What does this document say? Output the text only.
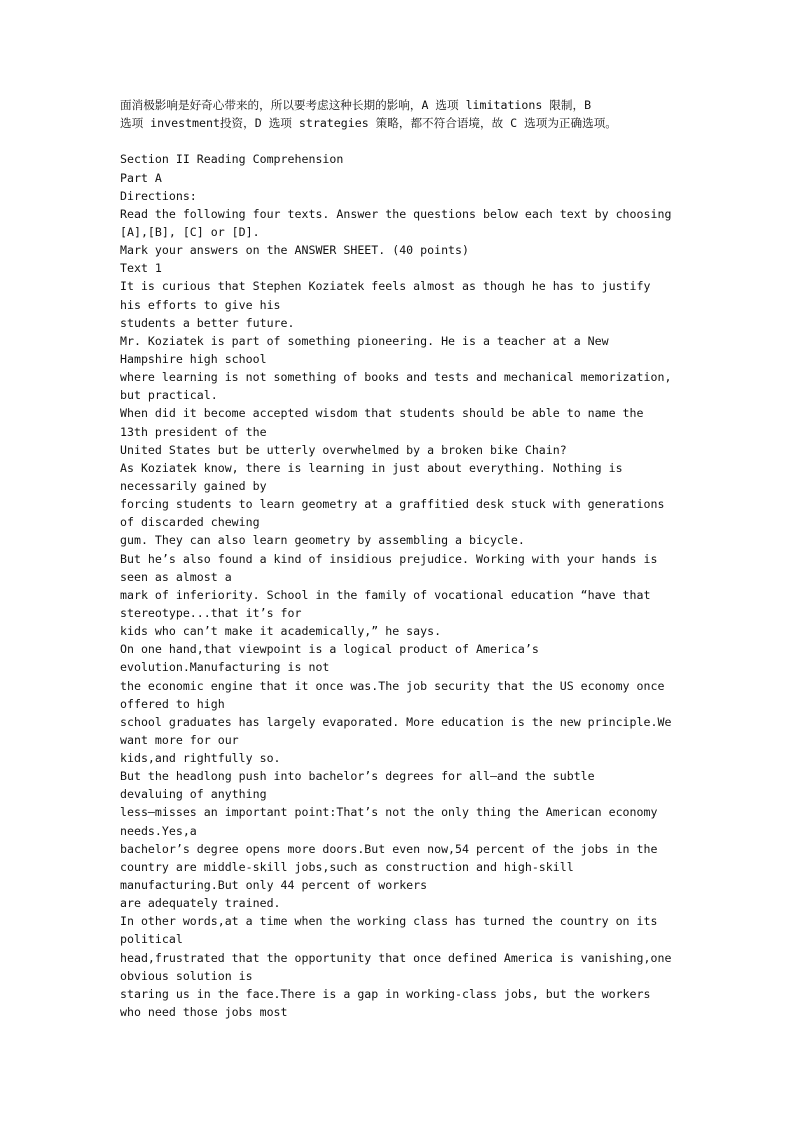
面消极影响是好奇心带来的，所以要考虑这种长期的影响，A 选项 limitations 限制，B
选项 investment投资，D 选项 strategies 策略，都不符合语境，故 C 选项为正确选项。
Section II Reading Comprehension
Part A
Directions:
Read the following four texts. Answer the questions below each text by choosing
[A],[B], [C] or [D].
Mark your answers on the ANSWER SHEET. (40 points)
Text 1
It is curious that Stephen Koziatek feels almost as though he has to justify
his efforts to give his
students a better future.
Mr. Koziatek is part of something pioneering. He is a teacher at a New
Hampshire high school
where learning is not something of books and tests and mechanical memorization,
but practical.
When did it become accepted wisdom that students should be able to name the
13th president of the
United States but be utterly overwhelmed by a broken bike Chain?
As Koziatek know, there is learning in just about everything. Nothing is
necessarily gained by
forcing students to learn geometry at a graffitied desk stuck with generations
of discarded chewing
gum. They can also learn geometry by assembling a bicycle.
But he’s also found a kind of insidious prejudice. Working with your hands is
seen as almost a
mark of inferiority. School in the family of vocational education “have that
stereotype...that it’s for
kids who can’t make it academically,” he says.
On one hand,that viewpoint is a logical product of America’s
evolution.Manufacturing is not
the economic engine that it once was.The job security that the US economy once
offered to high
school graduates has largely evaporated. More education is the new principle.We
want more for our
kids,and rightfully so.
But the headlong push into bachelor’s degrees for all—and the subtle
devaluing of anything
less—misses an important point:That’s not the only thing the American economy
needs.Yes,a
bachelor’s degree opens more doors.But even now,54 percent of the jobs in the
country are middle-skill jobs,such as construction and high-skill
manufacturing.But only 44 percent of workers
are adequately trained.
In other words,at a time when the working class has turned the country on its
political
head,frustrated that the opportunity that once defined America is vanishing,one
obvious solution is
staring us in the face.There is a gap in working-class jobs, but the workers
who need those jobs most
